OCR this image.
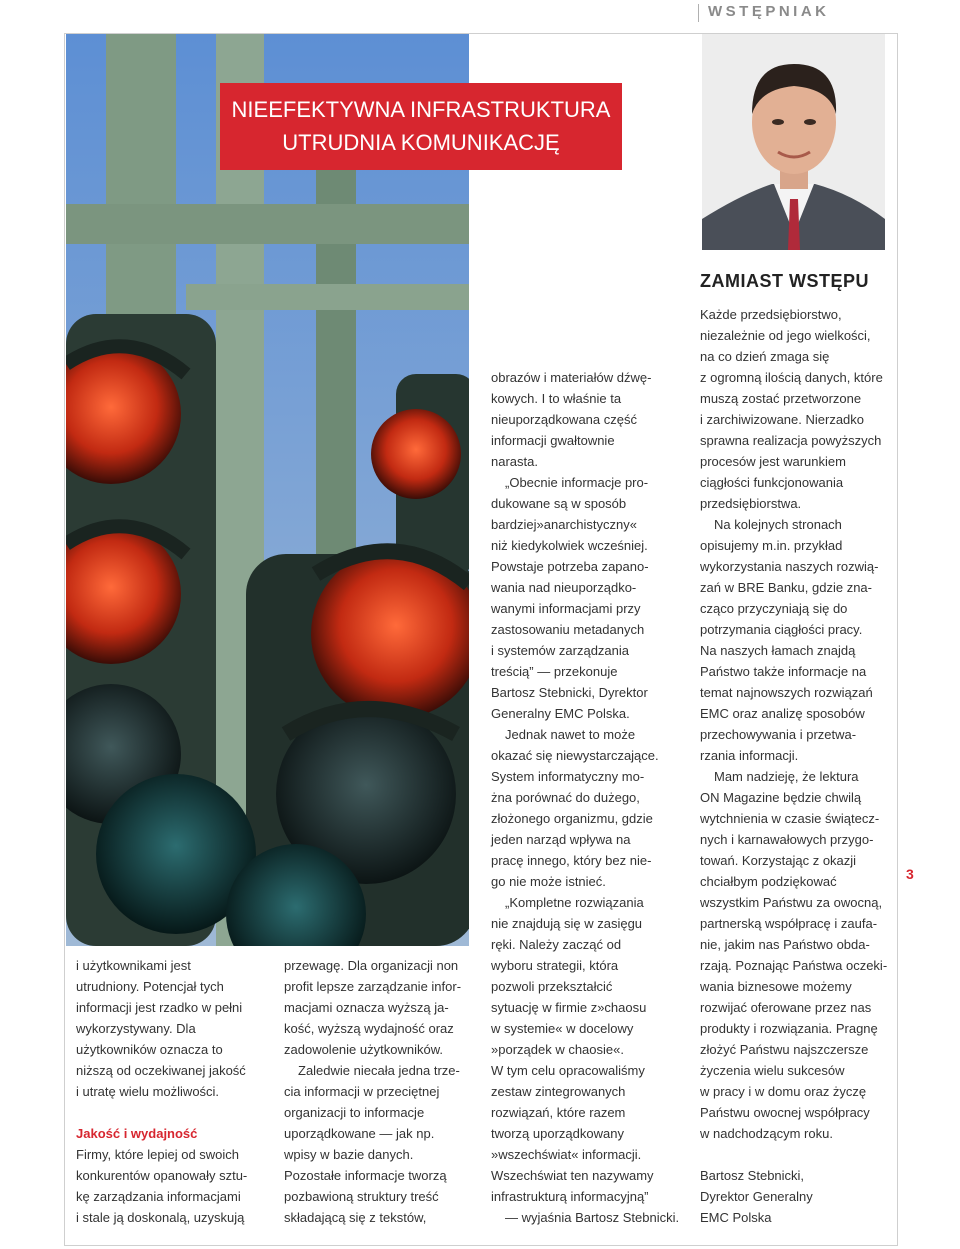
WSTĘPNIAK
NIEEFEKTYWNA INFRASTRUKTURA
UTRUDNIA KOMUNIKACJĘ

i użytkownikami jest

utrudniony. Potencjał tych

informacji jest rzadko w pełni

wykorzystywany. Dla

użytkowników oznacza to

niższą od oczekiwanej jakość

i utratę wielu możliwości.

Jakość i wydajność

Firmy, które lepiej od swoich

konkurentów opanowały sztu-

kę zarządzania informacjami

i stale ją doskonalą, uzyskują

przewagę. Dla organizacji non

profit lepsze zarządzanie infor-

macjami oznacza wyższą ja-

kość, wyższą wydajność oraz

zadowolenie użytkowników.

Zaledwie niecała jedna trze-

cia informacji w przeciętnej

organizacji to informacje

uporządkowane — jak np.

wpisy w bazie danych.

Pozostałe informacje tworzą

pozbawioną struktury treść

składającą się z tekstów,

obrazów i materiałów dźwę-

kowych. I to właśnie ta

nieuporządkowana część

informacji gwałtownie

narasta.

„Obecnie informacje pro-

dukowane są w sposób

bardziej»anarchistyczny«

niż kiedykolwiek wcześniej.

Powstaje potrzeba zapano-

wania nad nieuporządko-

wanymi informacjami przy

zastosowaniu metadanych

i systemów zarządzania

treścią” — przekonuje

Bartosz Stebnicki, Dyrektor

Generalny EMC Polska.

Jednak nawet to może

okazać się niewystarczające.

System informatyczny mo-

żna porównać do dużego,

złożonego organizmu, gdzie

jeden narząd wpływa na

pracę innego, który bez nie-

go nie może istnieć.

„Kompletne rozwiązania

nie znajdują się w zasięgu

ręki. Należy zacząć od

wyboru strategii, która

pozwoli przekształcić

sytuację w firmie z»chaosu

w systemie« w docelowy

»porządek w chaosie«.

W tym celu opracowaliśmy

zestaw zintegrowanych

rozwiązań, które razem

tworzą uporządkowany

»wszechświat« informacji.

Wszechświat ten nazywamy

infrastrukturą informacyjną”

— wyjaśnia Bartosz Stebnicki.

ZAMIAST WSTĘPU

Każde przedsiębiorstwo,

niezależnie od jego wielkości,

na co dzień zmaga się

z ogromną ilością danych, które

muszą zostać przetworzone

i zarchiwizowane. Nierzadko

sprawna realizacja powyższych

procesów jest warunkiem

ciągłości funkcjonowania

przedsiębiorstwa.

Na kolejnych stronach

opisujemy m.in. przykład

wykorzystania naszych rozwią-

zań w BRE Banku, gdzie zna-

cząco przyczyniają się do

potrzymania ciągłości pracy.

Na naszych łamach znajdą

Państwo także informacje na

temat najnowszych rozwiązań

EMC oraz analizę sposobów

przechowywania i przetwa-

rzania informacji.

Mam nadzieję, że lektura

ON Magazine będzie chwilą

wytchnienia w czasie świątecz-

nych i karnawałowych przygo-

towań. Korzystając z okazji

chciałbym podziękować

wszystkim Państwu za owocną,

partnerską współpracę i zaufa-

nie, jakim nas Państwo obda-

rzają. Poznając Państwa oczeki-

wania biznesowe możemy

rozwijać oferowane przez nas

produkty i rozwiązania. Pragnę

złożyć Państwu najszczersze

życzenia wielu sukcesów

w pracy i w domu oraz życzę

Państwu owocnej współpracy

w nadchodzącym roku.

Bartosz Stebnicki,

Dyrektor Generalny

EMC Polska

3
